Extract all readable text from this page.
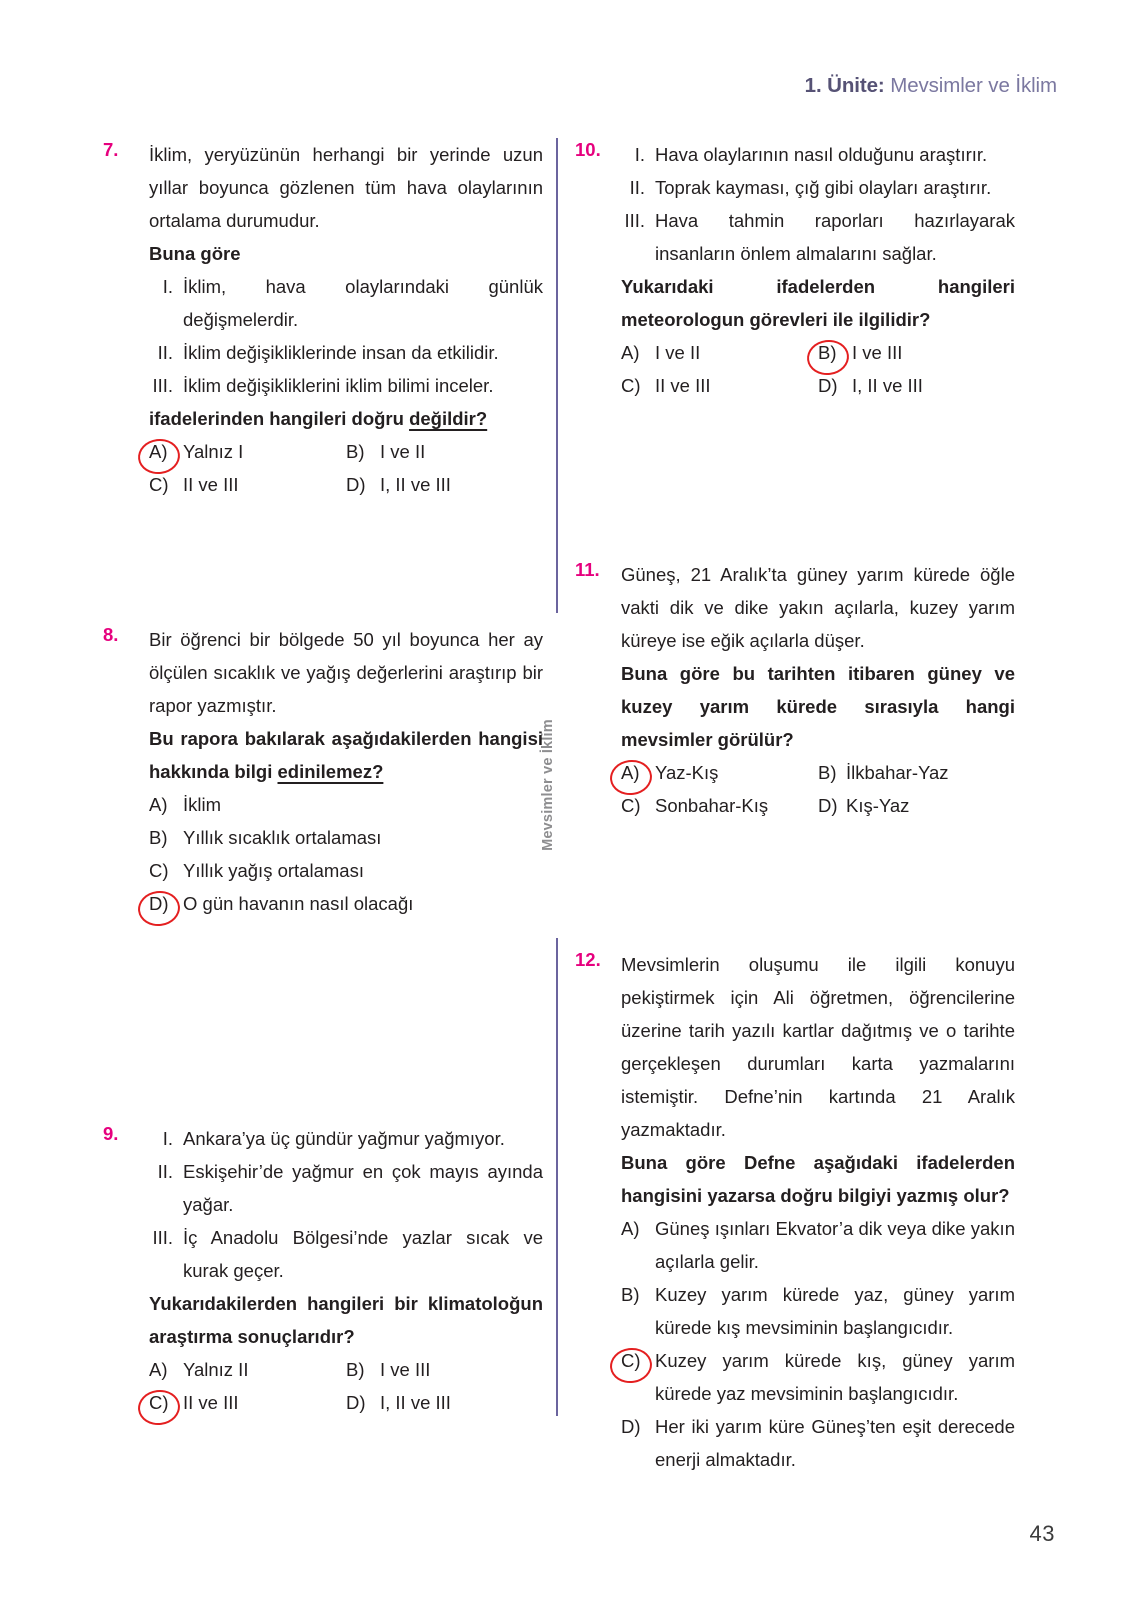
1. Ünite: Mevsimler ve İklim
Mevsimler ve İklim
7.	İklim, yeryüzünün herhangi bir yerinde uzun yıllar boyunca gözlenen tüm hava olaylarının ortalama durumudur.
Buna göre
I. İklim, hava olaylarındaki günlük değişmelerdir.
II. İklim değişikliklerinde insan da etkilidir.
III. İklim değişikliklerini iklim bilimi inceler.
ifadelerinden hangileri doğru değildir?
A) Yalnız I	B) I ve II
C) II ve III	D) I, II ve III
8.	Bir öğrenci bir bölgede 50 yıl boyunca her ay ölçülen sıcaklık ve yağış değerlerini araştırıp bir rapor yazmıştır.
Bu rapora bakılarak aşağıdakilerden hangisi hakkında bilgi edinilemez?
A) İklim
B) Yıllık sıcaklık ortalaması
C) Yıllık yağış ortalaması
D) O gün havanın nasıl olacağı
9.	I. Ankara’ya üç gündür yağmur yağmıyor.
II. Eskişehir’de yağmur en çok mayıs ayında yağar.
III. İç Anadolu Bölgesi’nde yazlar sıcak ve kurak geçer.
Yukarıdakilerden hangileri bir klimatoloğun araştırma sonuçlarıdır?
A) Yalnız II	B) I ve III
C) II ve III	D) I, II ve III
10.	I. Hava olaylarının nasıl olduğunu araştırır.
II. Toprak kayması, çığ gibi olayları araştırır.
III. Hava tahmin raporları hazırlayarak insanların önlem almalarını sağlar.
Yukarıdaki ifadelerden hangileri meteorologun görevleri ile ilgilidir?
A) I ve II	B) I ve III
C) II ve III	D) I, II ve III
11.	Güneş, 21 Aralık’ta güney yarım kürede öğle vakti dik ve dike yakın açılarla, kuzey yarım küreye ise eğik açılarla düşer.
Buna göre bu tarihten itibaren güney ve kuzey yarım kürede sırasıyla hangi mevsimler görülür?
A) Yaz-Kış	B) İlkbahar-Yaz
C) Sonbahar-Kış	D) Kış-Yaz
12.	Mevsimlerin oluşumu ile ilgili konuyu pekiştirmek için Ali öğretmen, öğrencilerine üzerine tarih yazılı kartlar dağıtmış ve o tarihte gerçekleşen durumları karta yazmalarını istemiştir. Defne’nin kartında 21 Aralık yazmaktadır.
Buna göre Defne aşağıdaki ifadelerden hangisini yazarsa doğru bilgiyi yazmış olur?
A) Güneş ışınları Ekvator’a dik veya dike yakın açılarla gelir.
B) Kuzey yarım kürede yaz, güney yarım kürede kış mevsiminin başlangıcıdır.
C) Kuzey yarım kürede kış, güney yarım kürede yaz mevsiminin başlangıcıdır.
D) Her iki yarım küre Güneş’ten eşit derecede enerji almaktadır.
43
